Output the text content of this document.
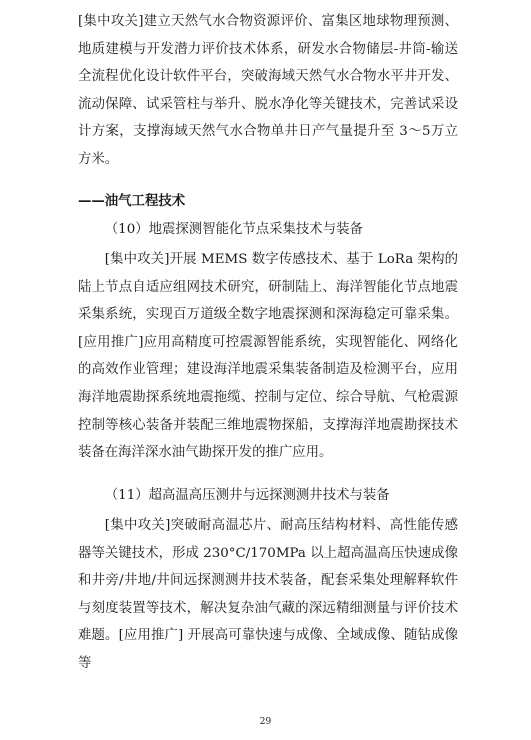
[集中攻关]建立天然气水合物资源评价、富集区地球物理预测、地质建模与开发潜力评价技术体系，研发水合物储层-井筒-输送全流程优化设计软件平台，突破海域天然气水合物水平井开发、流动保障、试采管柱与举升、脱水净化等关键技术，完善试采设计方案，支撑海域天然气水合物单井日产气量提升至 3～5万立方米。
——油气工程技术
（10）地震探测智能化节点采集技术与装备
[集中攻关]开展 MEMS 数字传感技术、基于 LoRa 架构的陆上节点自适应组网技术研究，研制陆上、海洋智能化节点地震采集系统，实现百万道级全数字地震探测和深海稳定可靠采集。[应用推广]应用高精度可控震源智能系统，实现智能化、网络化的高效作业管理；建设海洋地震采集装备制造及检测平台，应用海洋地震勘探系统地震拖缆、控制与定位、综合导航、气枪震源控制等核心装备并装配三维地震物探船，支撑海洋地震勘探技术装备在海洋深水油气勘探开发的推广应用。
（11）超高温高压测井与远探测测井技术与装备
[集中攻关]突破耐高温芯片、耐高压结构材料、高性能传感器等关键技术，形成 230°C/170MPa 以上超高温高压快速成像和井旁/井地/井间远探测测井技术装备，配套采集处理解释软件与刻度装置等技术，解决复杂油气藏的深远精细测量与评价技术难题。[应用推广] 开展高可靠快速与成像、全域成像、随钻成像等
29
